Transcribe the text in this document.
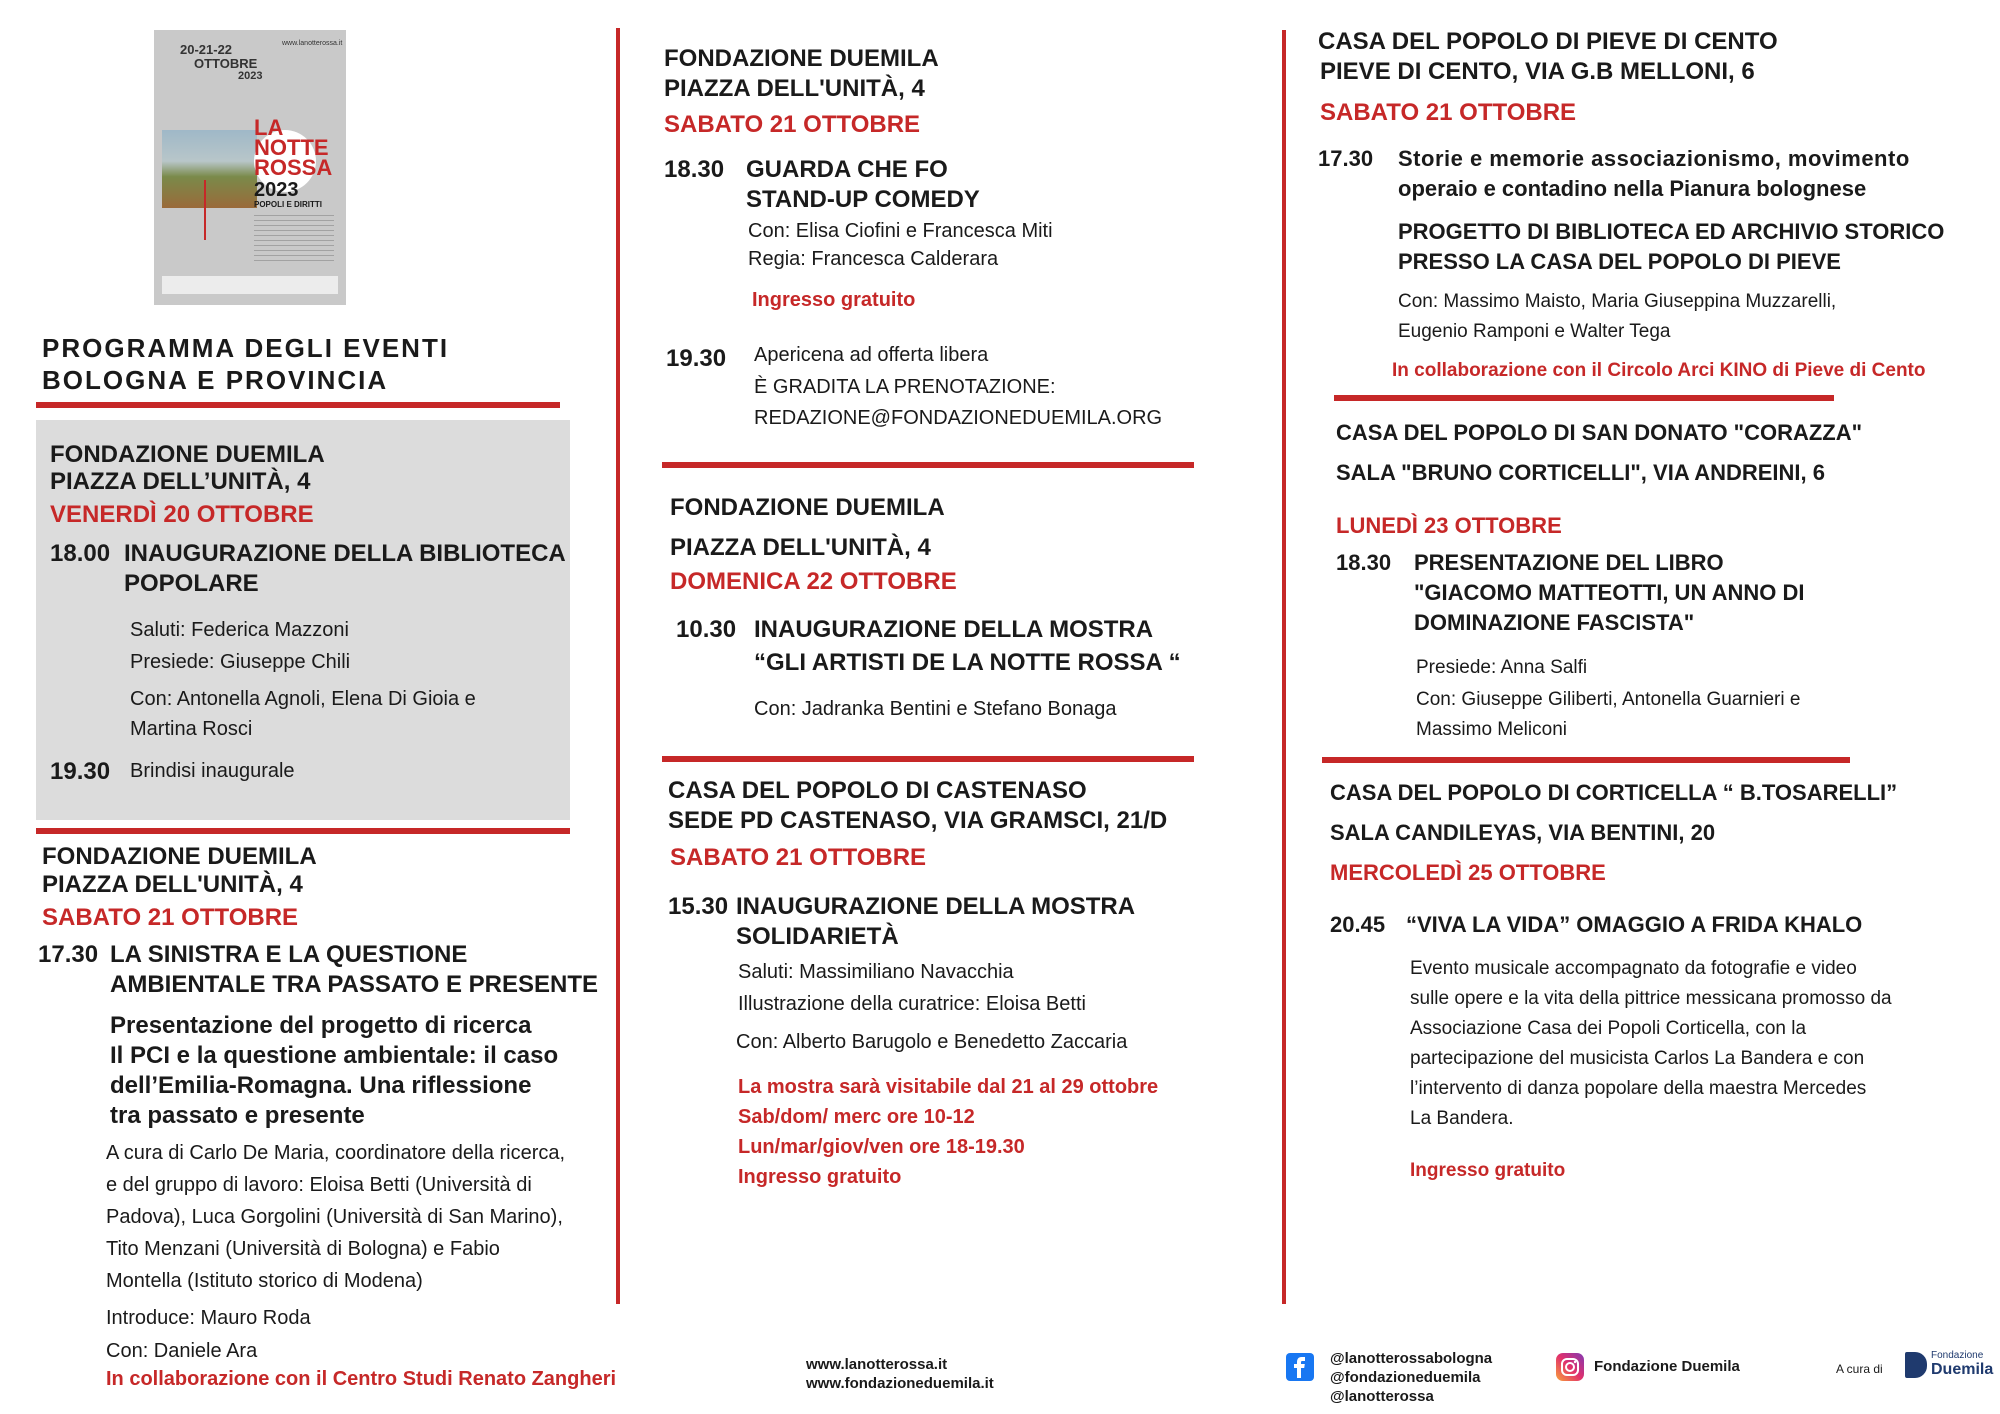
20-21-22	www.lanotterossa.it
OTTOBRE
2023
LA
NOTTE
ROSSA
2023
POPOLI E DIRITTI
PROGRAMMA DEGLI EVENTI
BOLOGNA E PROVINCIA
FONDAZIONE DUEMILA
PIAZZA DELL’UNITÀ, 4
VENERDÌ 20 OTTOBRE
18.00 INAUGURAZIONE DELLA BIBLIOTECA
POPOLARE
Saluti: Federica Mazzoni
Presiede: Giuseppe Chili
Con: Antonella Agnoli, Elena Di Gioia e
Martina Rosci
19.30 Brindisi inaugurale
FONDAZIONE DUEMILA
PIAZZA DELL'UNITÀ, 4
SABATO 21 OTTOBRE
17.30 LA SINISTRA E LA QUESTIONE
AMBIENTALE TRA PASSATO E PRESENTE
Presentazione del progetto di ricerca
Il PCI e la questione ambientale: il caso
dell’Emilia-Romagna. Una riflessione
tra passato e presente
A cura di Carlo De Maria, coordinatore della ricerca,
e del gruppo di lavoro: Eloisa Betti (Università di
Padova), Luca Gorgolini (Università di San Marino),
Tito Menzani (Università di Bologna) e Fabio
Montella (Istituto storico di Modena)
Introduce: Mauro Roda
Con: Daniele Ara
In collaborazione con il Centro Studi Renato Zangheri
FONDAZIONE DUEMILA
PIAZZA DELL'UNITÀ, 4
SABATO 21 OTTOBRE
18.30 GUARDA CHE FO
STAND-UP COMEDY
Con: Elisa Ciofini e Francesca Miti
Regia: Francesca Calderara
Ingresso gratuito
19.30 Apericena ad offerta libera
È GRADITA LA PRENOTAZIONE:
REDAZIONE@FONDAZIONEDUEMILA.ORG
FONDAZIONE DUEMILA
PIAZZA DELL'UNITÀ, 4
DOMENICA 22 OTTOBRE
10.30 INAUGURAZIONE DELLA MOSTRA
“GLI ARTISTI DE LA NOTTE ROSSA “
Con: Jadranka Bentini e Stefano Bonaga
CASA DEL POPOLO DI CASTENASO
SEDE PD CASTENASO, VIA GRAMSCI, 21/D
SABATO 21 OTTOBRE
15.30 INAUGURAZIONE DELLA MOSTRA
SOLIDARIETÀ
Saluti: Massimiliano Navacchia
Illustrazione della curatrice: Eloisa Betti
Con: Alberto Barugolo e Benedetto Zaccaria
La mostra sarà visitabile dal 21 al 29 ottobre
Sab/dom/ merc ore 10-12
Lun/mar/giov/ven ore 18-19.30
Ingresso gratuito
www.lanotterossa.it
www.fondazioneduemila.it
CASA DEL POPOLO DI PIEVE DI CENTO
PIEVE DI CENTO, VIA G.B MELLONI, 6
SABATO 21 OTTOBRE
17.30 Storie e memorie associazionismo, movimento
operaio e contadino nella Pianura bolognese
PROGETTO DI BIBLIOTECA ED ARCHIVIO STORICO
PRESSO LA CASA DEL POPOLO DI PIEVE
Con: Massimo Maisto, Maria Giuseppina Muzzarelli,
Eugenio Ramponi e Walter Tega
In collaborazione con il Circolo Arci KINO di Pieve di Cento
CASA DEL POPOLO DI SAN DONATO "CORAZZA"
SALA "BRUNO CORTICELLI", VIA ANDREINI, 6
LUNEDÌ 23 OTTOBRE
18.30 PRESENTAZIONE DEL LIBRO
"GIACOMO MATTEOTTI, UN ANNO DI
DOMINAZIONE FASCISTA"
Presiede: Anna Salfi
Con: Giuseppe Giliberti, Antonella Guarnieri e
Massimo Meliconi
CASA DEL POPOLO DI CORTICELLA “ B.TOSARELLI”
SALA CANDILEYAS, VIA BENTINI, 20
MERCOLEDÌ 25 OTTOBRE
20.45 “VIVA LA VIDA” OMAGGIO A FRIDA KHALO
Evento musicale accompagnato da fotografie e video
sulle opere e la vita della pittrice messicana promosso da
Associazione Casa dei Popoli Corticella, con la
partecipazione del musicista Carlos La Bandera e con
l’intervento di danza popolare della maestra Mercedes
La Bandera.
Ingresso gratuito
@lanotterossabologna
@fondazioneduemila
@lanotterossa
Fondazione Duemila	A cura di
Fondazione
Duemila
